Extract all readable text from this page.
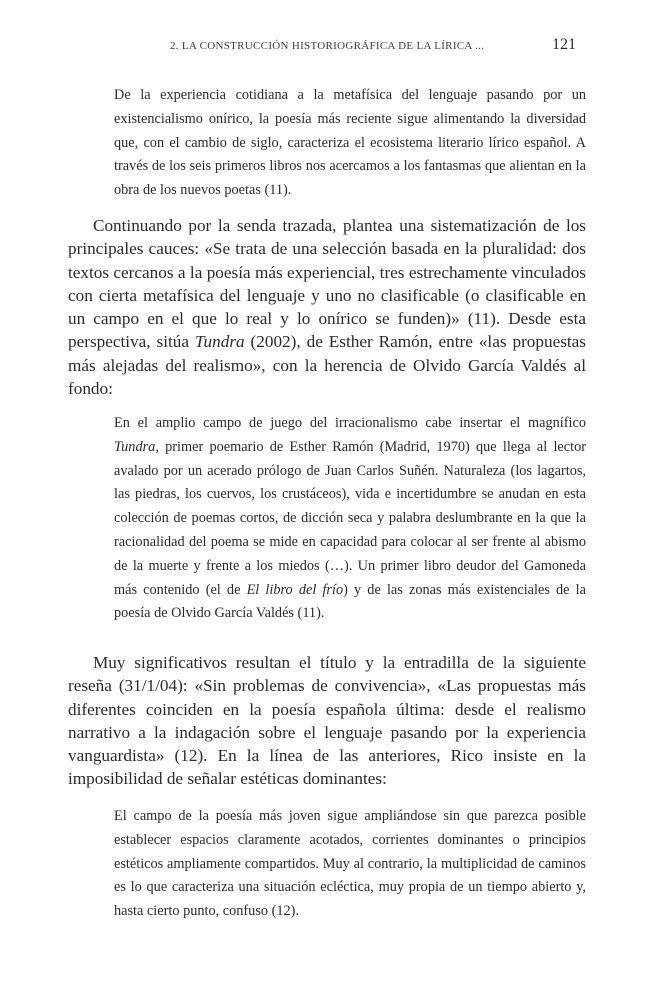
2. LA CONSTRUCCIÓN HISTORIOGRÁFICA DE LA LÍRICA ...	121
De la experiencia cotidiana a la metafísica del lenguaje pasando por un existencialismo onírico, la poesía más reciente sigue alimentando la diversidad que, con el cambio de siglo, caracteriza el ecosistema literario lírico español. A través de los seis primeros libros nos acercamos a los fantasmas que alientan en la obra de los nuevos poetas (11).
Continuando por la senda trazada, plantea una sistematización de los principales cauces: «Se trata de una selección basada en la pluralidad: dos textos cercanos a la poesía más experiencial, tres estrechamente vinculados con cierta metafísica del lenguaje y uno no clasificable (o clasificable en un campo en el que lo real y lo onírico se funden)» (11). Desde esta perspectiva, sitúa Tundra (2002), de Esther Ramón, entre «las propuestas más alejadas del realismo», con la herencia de Olvido García Valdés al fondo:
En el amplio campo de juego del irracionalismo cabe insertar el magnífico Tundra, primer poemario de Esther Ramón (Madrid, 1970) que llega al lector avalado por un acerado prólogo de Juan Carlos Suñén. Naturaleza (los lagartos, las piedras, los cuervos, los crustáceos), vida e incertidumbre se anudan en esta colección de poemas cortos, de dicción seca y palabra deslumbrante en la que la racionalidad del poema se mide en capacidad para colocar al ser frente al abismo de la muerte y frente a los miedos (…). Un primer libro deudor del Gamoneda más contenido (el de El libro del frío) y de las zonas más existenciales de la poesía de Olvido García Valdés (11).
Muy significativos resultan el título y la entradilla de la siguiente reseña (31/1/04): «Sin problemas de convivencia», «Las propuestas más diferentes coinciden en la poesía española última: desde el realismo narrativo a la indagación sobre el lenguaje pasando por la experiencia vanguardista» (12). En la línea de las anteriores, Rico insiste en la imposibilidad de señalar estéticas dominantes:
El campo de la poesía más joven sigue ampliándose sin que parezca posible establecer espacios claramente acotados, corrientes dominantes o principios estéticos ampliamente compartidos. Muy al contrario, la multiplicidad de caminos es lo que caracteriza una situación ecléctica, muy propia de un tiempo abierto y, hasta cierto punto, confuso (12).
